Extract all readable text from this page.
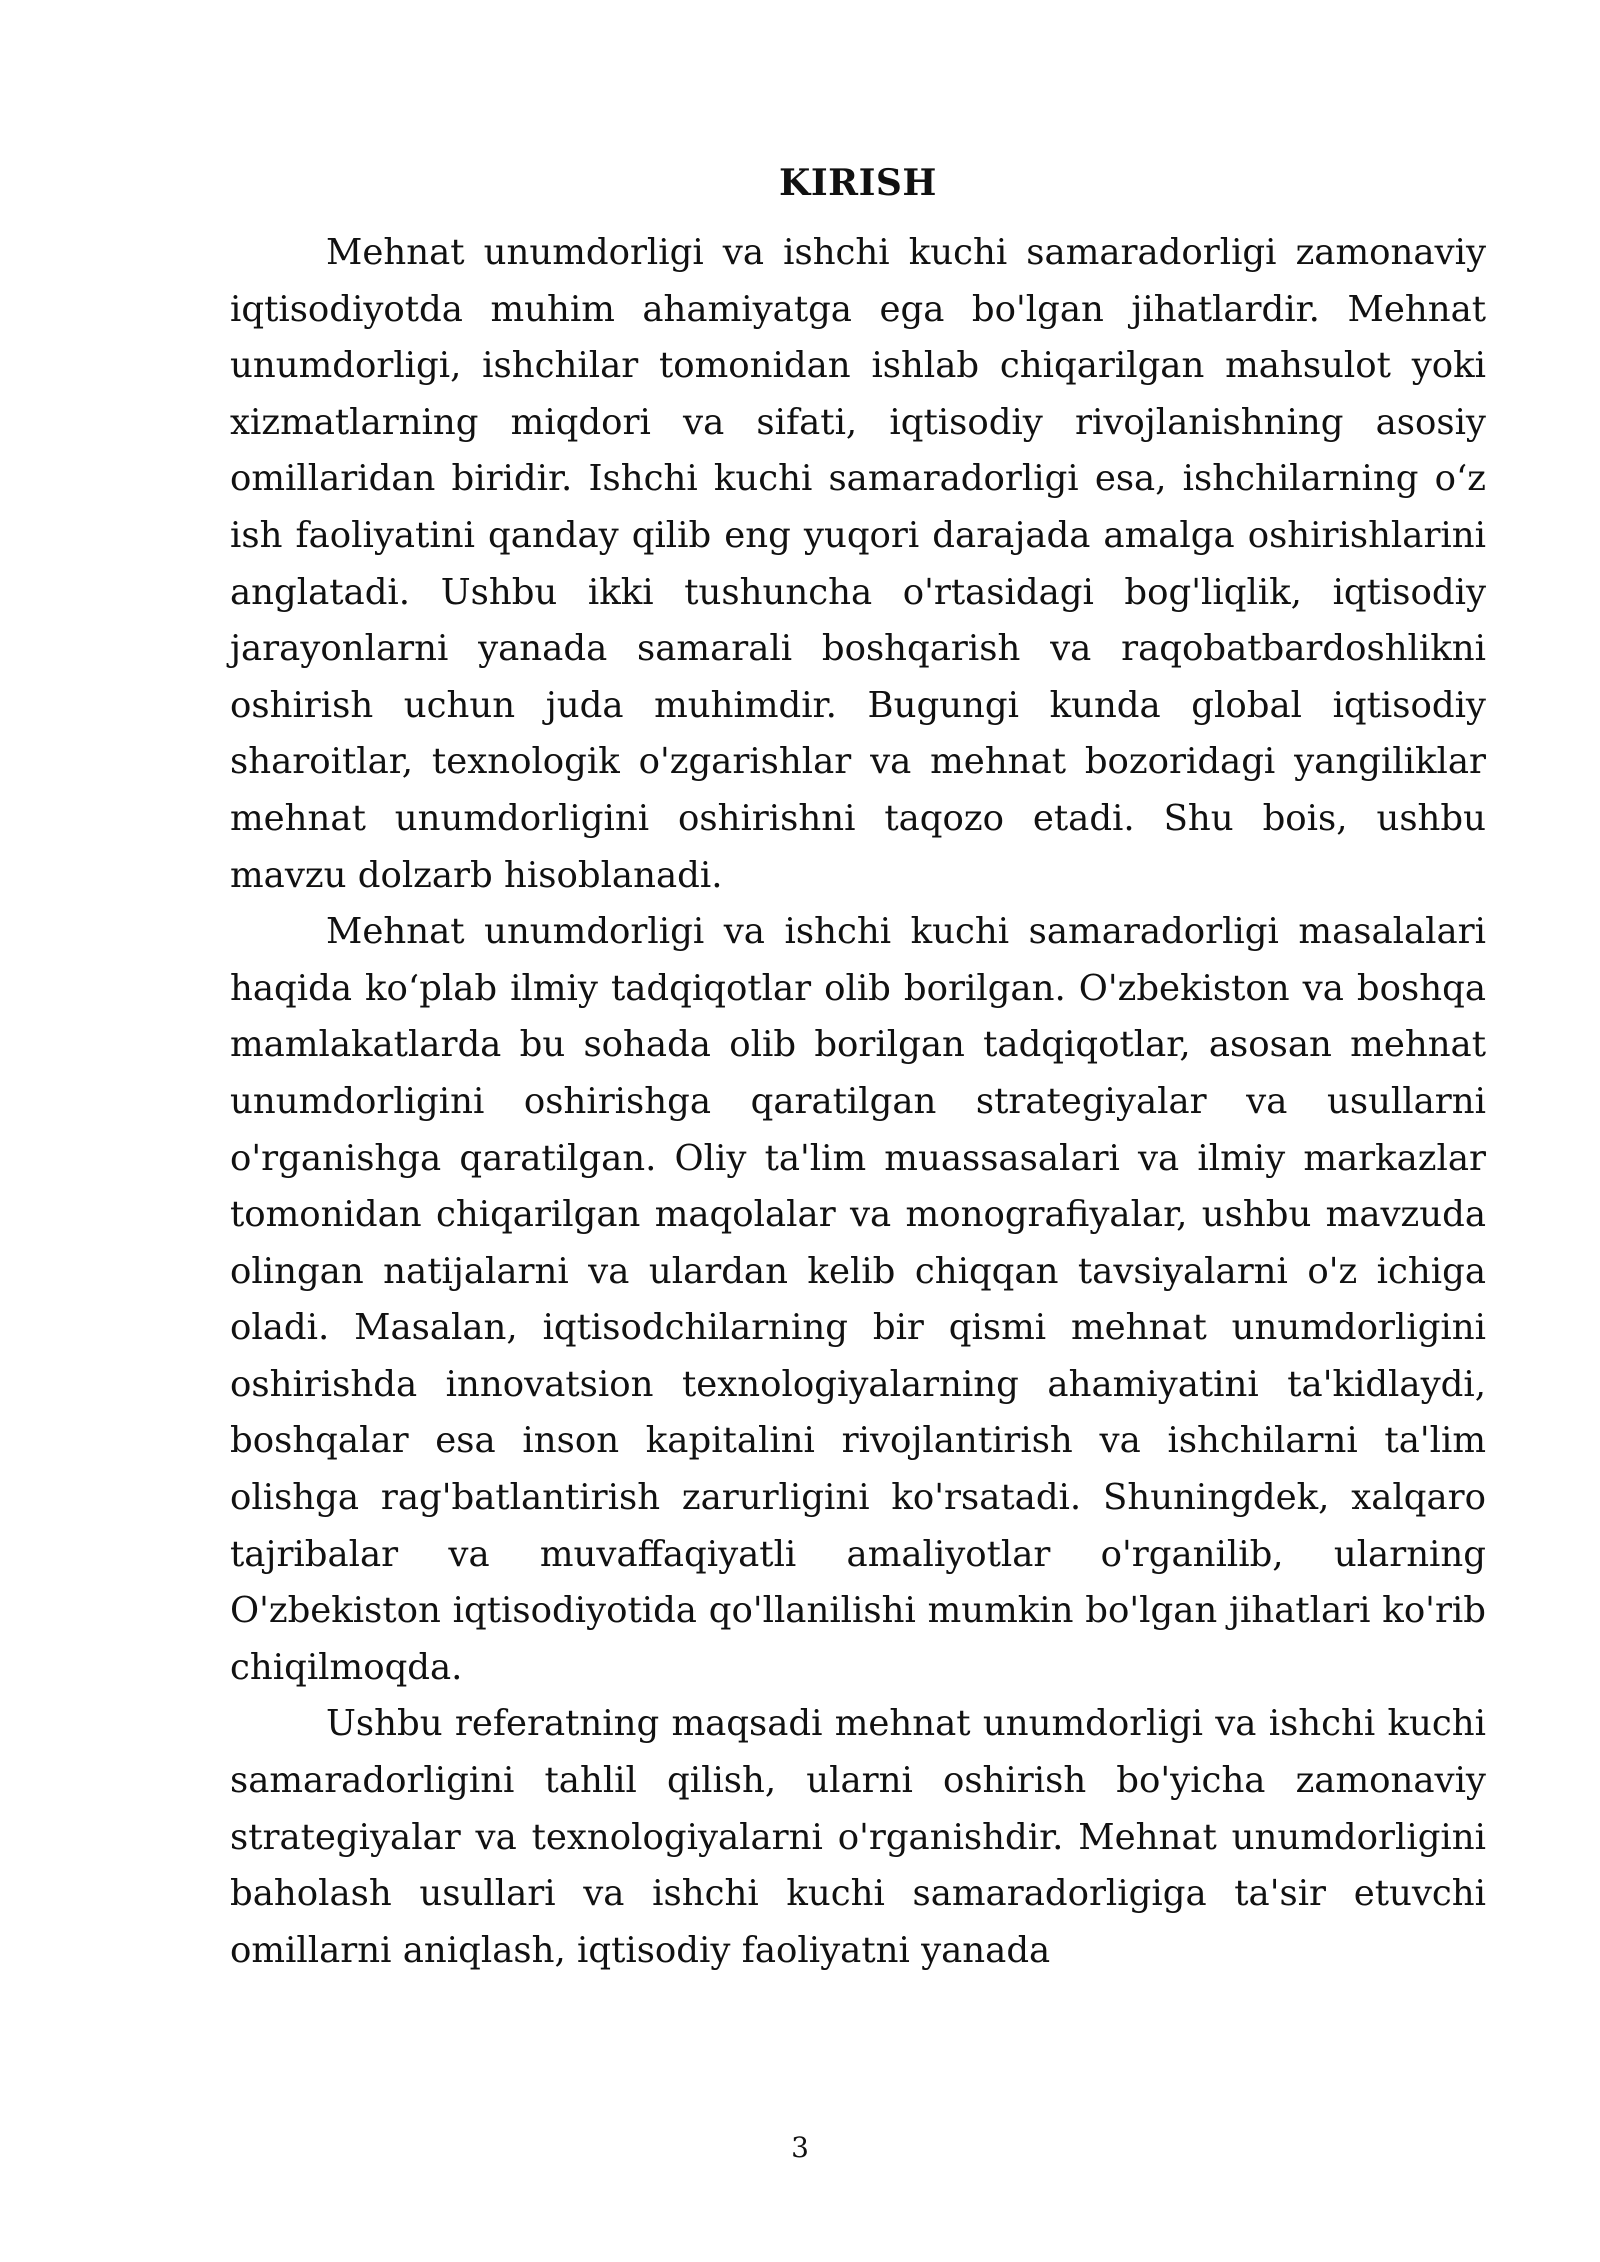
KIRISH

Mehnat unumdorligi va ishchi kuchi samaradorligi zamonaviy iqtisodiyotda muhim ahamiyatga ega bo'lgan jihatlardir. Mehnat unumdorligi, ishchilar tomonidan ishlab chiqarilgan mahsulot yoki xizmatlarning miqdori va sifati, iqtisodiy rivojlanishning asosiy omillaridan biridir. Ishchi kuchi samaradorligi esa, ishchilarning o‘z ish faoliyatini qanday qilib eng yuqori darajada amalga oshirishlarini anglatadi. Ushbu ikki tushuncha o'rtasidagi bog'liqlik, iqtisodiy jarayonlarni yanada samarali boshqarish va raqobatbardoshlikni oshirish uchun juda muhimdir. Bugungi kunda global iqtisodiy sharoitlar, texnologik o'zgarishlar va mehnat bozoridagi yangiliklar mehnat unumdorligini oshirishni taqozo etadi. Shu bois, ushbu mavzu dolzarb hisoblanadi.

Mehnat unumdorligi va ishchi kuchi samaradorligi masalalari haqida ko‘plab ilmiy tadqiqotlar olib borilgan. O'zbekiston va boshqa mamlakatlarda bu sohada olib borilgan tadqiqotlar, asosan mehnat unumdorligini oshirishga qaratilgan strategiyalar va usullarni o'rganishga qaratilgan. Oliy ta'lim muassasalari va ilmiy markazlar tomonidan chiqarilgan maqolalar va monografiyalar, ushbu mavzuda olingan natijalarni va ulardan kelib chiqqan tavsiyalarni o'z ichiga oladi. Masalan, iqtisodchilarning bir qismi mehnat unumdorligini oshirishda innovatsion texnologiyalarning ahamiyatini ta'kidlaydi, boshqalar esa inson kapitalini rivojlantirish va ishchilarni ta'lim olishga rag'batlantirish zarurligini ko'rsatadi. Shuningdek, xalqaro tajribalar va muvaffaqiyatli amaliyotlar o'rganilib, ularning O'zbekiston iqtisodiyotida qo'llanilishi mumkin bo'lgan jihatlari ko'rib chiqilmoqda.

Ushbu referatning maqsadi mehnat unumdorligi va ishchi kuchi samaradorligini tahlil qilish, ularni oshirish bo'yicha zamonaviy strategiyalar va texnologiyalarni o'rganishdir. Mehnat unumdorligini baholash usullari va ishchi kuchi samaradorligiga ta'sir etuvchi omillarni aniqlash, iqtisodiy faoliyatni yanada

3
